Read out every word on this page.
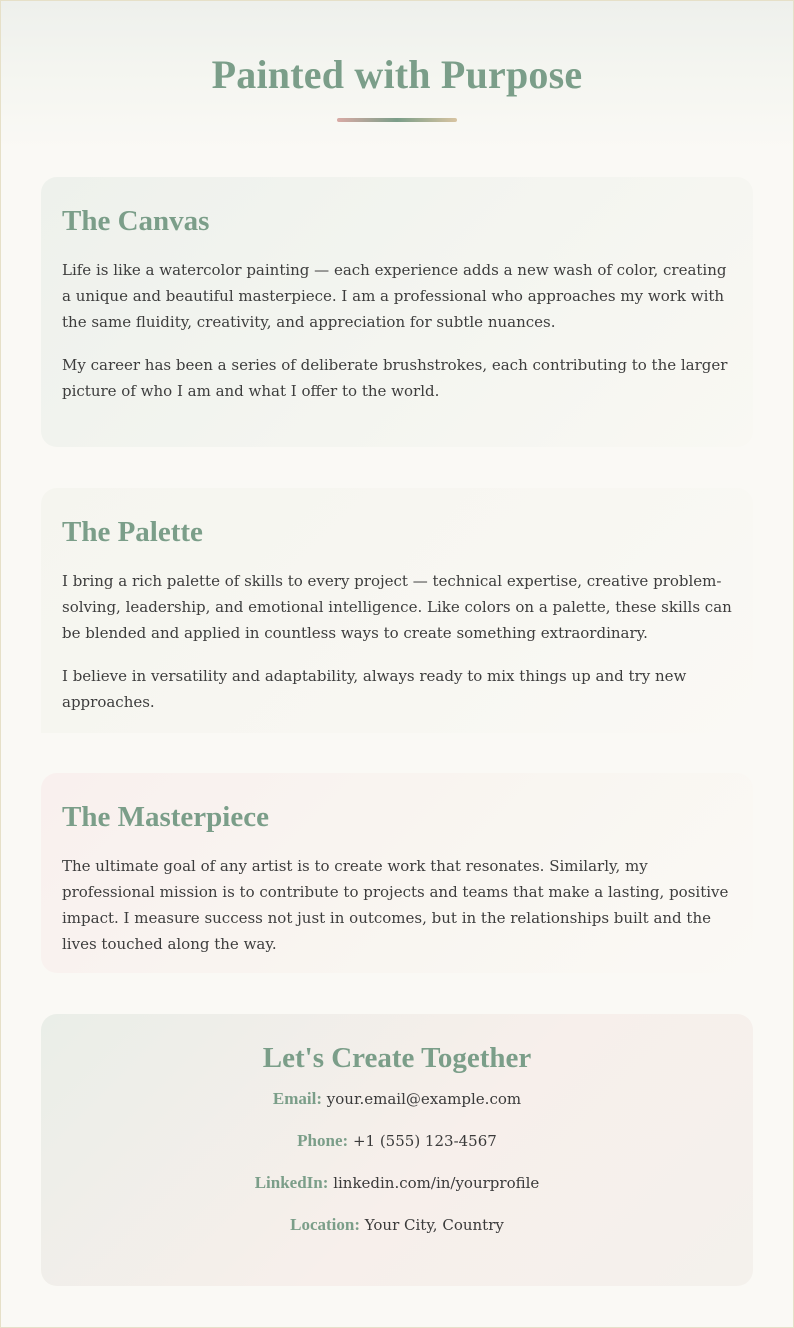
Painted with Purpose
The Canvas

Life is like a watercolor painting — each experience adds a new wash of color, creating a unique and beautiful masterpiece. I am a professional who approaches my work with the same fluidity, creativity, and appreciation for subtle nuances.

My career has been a series of deliberate brushstrokes, each contributing to the larger picture of who I am and what I offer to the world.

The Palette

I bring a rich palette of skills to every project — technical expertise, creative problem-solving, leadership, and emotional intelligence. Like colors on a palette, these skills can be blended and applied in countless ways to create something extraordinary.

I believe in versatility and adaptability, always ready to mix things up and try new approaches.

The Masterpiece

The ultimate goal of any artist is to create work that resonates. Similarly, my professional mission is to contribute to projects and teams that make a lasting, positive impact. I measure success not just in outcomes, but in the relationships built and the lives touched along the way.

Let's Create Together
Email: your.email@example.com
Phone: +1 (555) 123-4567
LinkedIn: linkedin.com/in/yourprofile
Location: Your City, Country
